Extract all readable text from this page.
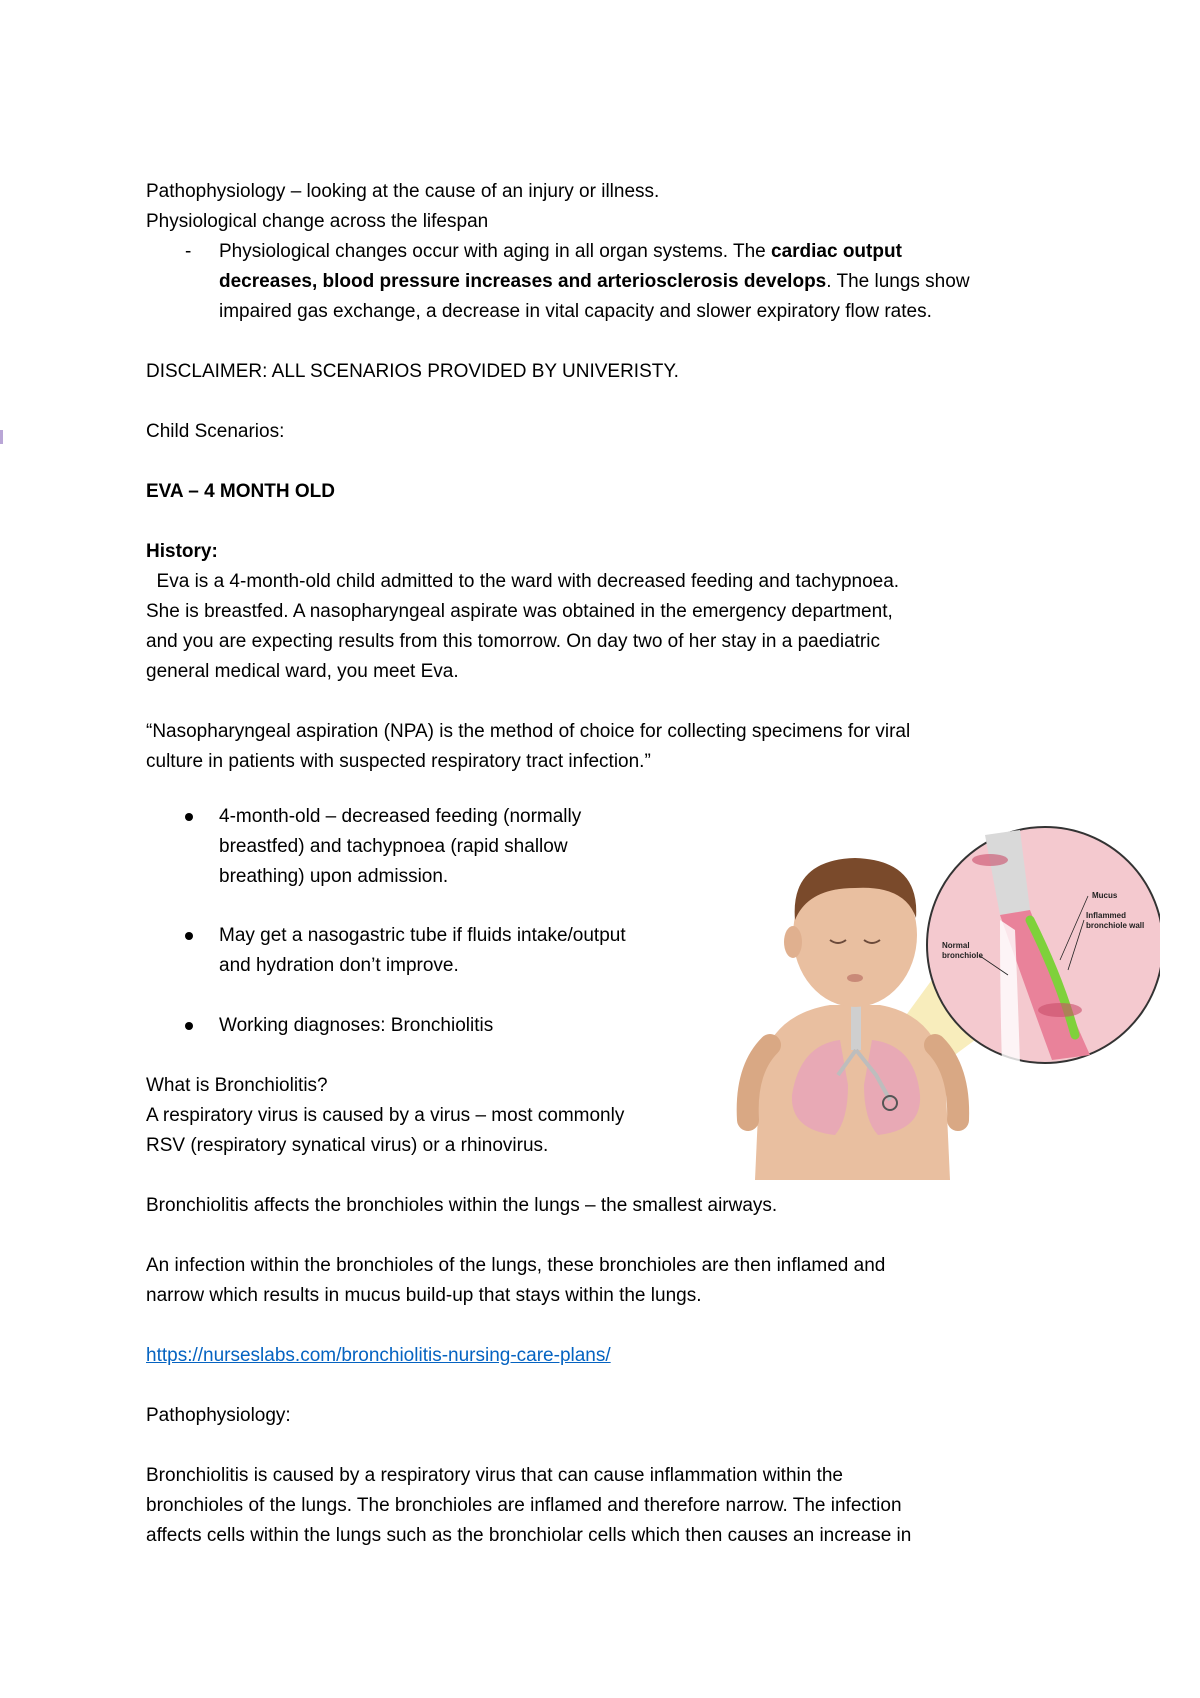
Pathophysiology – looking at the cause of an injury or illness.

Physiological change across the lifespan

- Physiological changes occur with aging in all organ systems. The cardiac output

decreases, blood pressure increases and arteriosclerosis develops. The lungs show

impaired gas exchange, a decrease in vital capacity and slower expiratory flow rates.

DISCLAIMER: ALL SCENARIOS PROVIDED BY UNIVERISTY.

Child Scenarios:

EVA – 4 MONTH OLD

History:

Eva is a 4-month-old child admitted to the ward with decreased feeding and tachypnoea.

She is breastfed. A nasopharyngeal aspirate was obtained in the emergency department,

and you are expecting results from this tomorrow. On day two of her stay in a paediatric

general medical ward, you meet Eva.

“Nasopharyngeal aspiration (NPA) is the method of choice for collecting specimens for viral

culture in patients with suspected respiratory tract infection.”

4-month-old – decreased feeding (normally

breastfed) and tachypnoea (rapid shallow

breathing) upon admission.

May get a nasogastric tube if fluids intake/output

and hydration don’t improve.

Working diagnoses: Bronchiolitis

What is Bronchiolitis?

A respiratory virus is caused by a virus – most commonly

RSV (respiratory synatical virus) or a rhinovirus.

Bronchiolitis affects the bronchioles within the lungs – the smallest airways.

An infection within the bronchioles of the lungs, these bronchioles are then inflamed and

narrow which results in mucus build-up that stays within the lungs.

https://nurseslabs.com/bronchiolitis-nursing-care-plans/

Pathophysiology:

Bronchiolitis is caused by a respiratory virus that can cause inflammation within the

bronchioles of the lungs. The bronchioles are inflamed and therefore narrow. The infection

affects cells within the lungs such as the bronchiolar cells which then causes an increase in

Mucus
Inflammed
bronchiole wall
Normal
bronchiole
